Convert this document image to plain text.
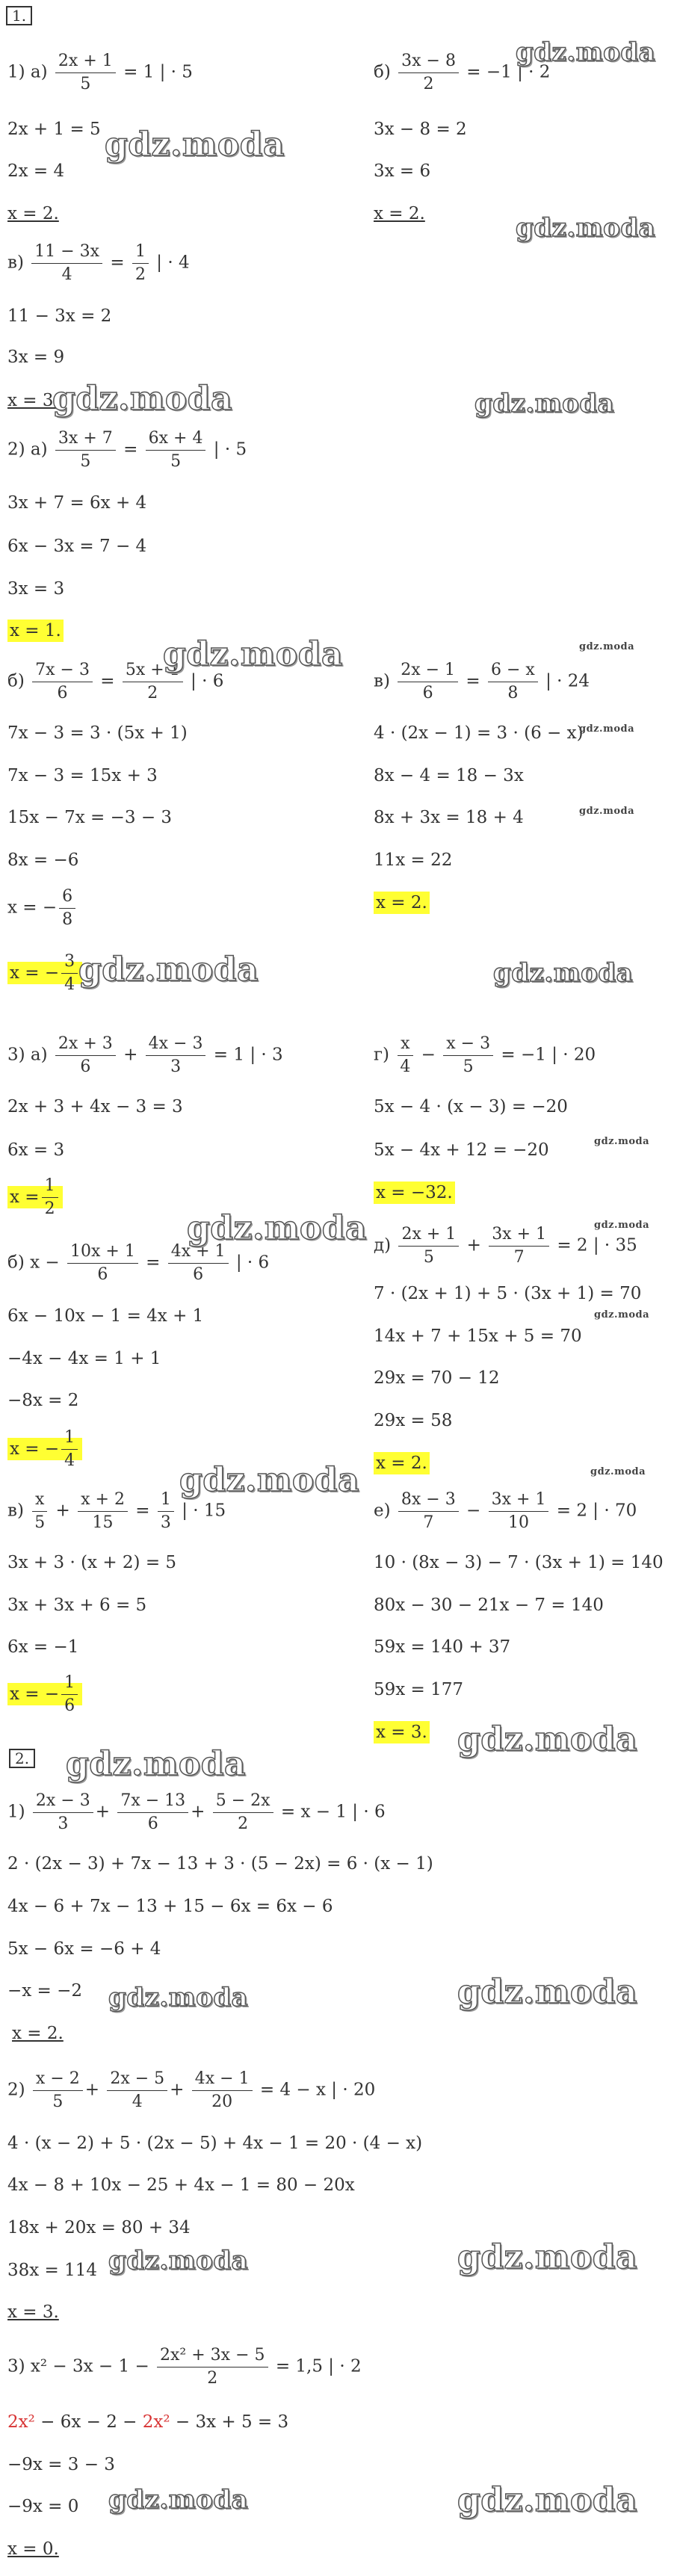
1.
1) $а) \frac{2x + 1}{5} = 1$ | · 5
2x + 1 = 5
2x = 4
x = 2.
$б) \frac{3x - 8}{2} = -1$ | · 2
3x − 8 = 2
3x = 6
x = 2.
$в) \frac{11 - 3x}{4} = \frac{1}{2}$ | · 4
11 − 3x = 2
3x = 9
x = 3.
2) $а) \frac{3x + 7}{5} = \frac{6x + 4}{5}$ | · 5
3x + 7 = 6x + 4
6x − 3x = 7 − 4
3x = 3
x = 1.
$б) \frac{7x - 3}{6} = \frac{5x + 1}{2}$ | · 6
7x − 3 = 3 · (5x + 1)
7x − 3 = 15x + 3
15x − 7x = −3 − 3
8x = −6
x = − $\frac{6}{8}$
x = − $\frac{3}{4}$
$в) \frac{2x - 1}{6} = \frac{6 - x}{8}$ | · 24
4 · (2x − 1) = 3 · (6 − x)
8x − 4 = 18 − 3x
8x + 3x = 18 + 4
11x = 22
x = 2.
3) $а) \frac{2x + 3}{6} + \frac{4x - 3}{3} = 1$ | · 3
2x + 3 + 4x − 3 = 3
6x = 3
$x = \frac{1}{2}$
$г) \frac{x}{4} - \frac{x - 3}{5} = -1$ | · 20
5x − 4 · (x − 3) = −20
5x − 4x + 12 = −20
x = −32.
б) $x - \frac{10x + 1}{6} = \frac{4x + 1}{6}$ | · 6
6x − 10x − 1 = 4x + 1
−4x − 4x = 1 + 1
−8x = 2
x = − $\frac{1}{4}$
$д) \frac{2x + 1}{5} + \frac{3x + 1}{7} = 2$ | · 35
7 · (2x + 1) + 5 · (3x + 1) = 70
14x + 7 + 15x + 5 = 70
29x = 70 − 12
29x = 58
x = 2.
$в) \frac{x}{5} + \frac{x + 2}{15} = \frac{1}{3}$ | · 15
3x + 3 · (x + 2) = 5
3x + 3x + 6 = 5
6x = −1
x = − $\frac{1}{6}$
$е) \frac{8x - 3}{7} - \frac{3x + 1}{10} = 2$ | · 70
10 · (8x − 3) − 7 · (3x + 1) = 140
80x − 30 − 21x − 7 = 140
59x = 140 + 37
59x = 177
x = 3.
2.
$1) \frac{2x - 3}{3} + \frac{7x - 13}{6} + \frac{5 - 2x}{2} = x - 1$ | · 6
2 · (2x − 3) + 7x − 13 + 3 · (5 − 2x) = 6 · (x − 1)
4x − 6 + 7x − 13 + 15 − 6x = 6x − 6
5x − 6x = −6 + 4
−x = −2
x = 2.
$2) \frac{x - 2}{5} + \frac{2x - 5}{4} + \frac{4x - 1}{20} = 4 - x$ | · 20
4 · (x − 2) + 5 · (2x − 5) + 4x − 1 = 20 · (4 − x)
4x − 8 + 10x − 25 + 4x − 1 = 80 − 20x
18x + 20x = 80 + 34
38x = 114
x = 3.
3) $x^2 - 3x - 1 - \frac{\text{2x² + 3x − 5}}{2} = 1,5$ | · 2
2x² − 6x − 2 − 2x² − 3x + 5 = 3
−9x = 3 − 3
−9x = 0
x = 0.
gdz.moda
gdz.moda
gdz.moda
gdz.moda	gdz.moda
gdz.moda	gdz.moda
gdz.moda
gdz.moda
gdz.moda	gdz.moda
gdz.moda
gdz.moda	gdz.moda
gdz.moda
gdz.moda	gdz.moda
gdz.moda
gdz.moda
gdz.moda	gdz.moda
gdz.moda	gdz.moda
gdz.moda	gdz.moda
